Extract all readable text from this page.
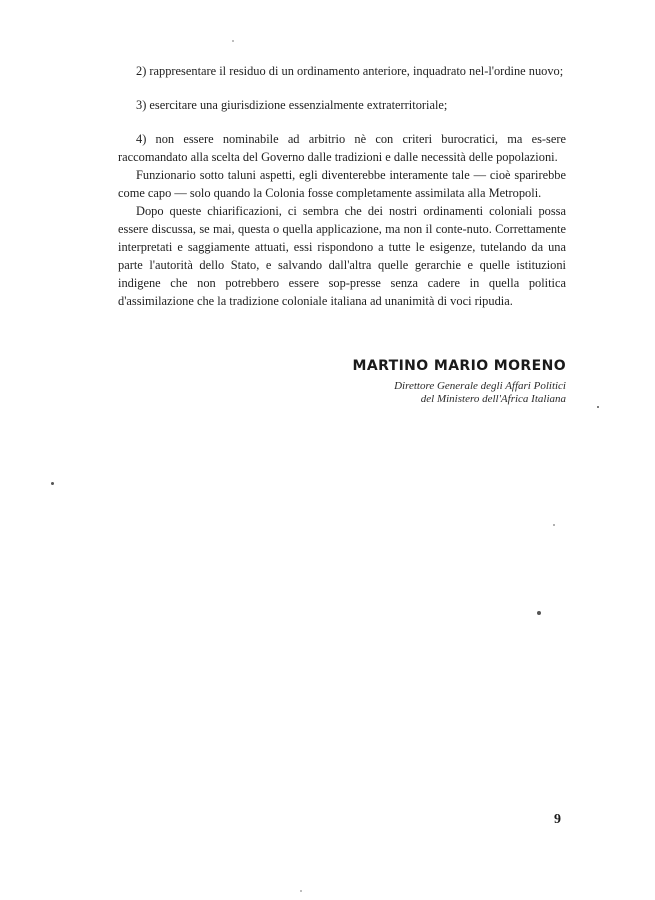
2) rappresentare il residuo di un ordinamento anteriore, inquadrato nel-l'ordine nuovo;

3) esercitare una giurisdizione essenzialmente extraterritoriale;

4) non essere nominabile ad arbitrio nè con criteri burocratici, ma es-sere raccomandato alla scelta del Governo dalle tradizioni e dalle necessità delle popolazioni.

Funzionario sotto taluni aspetti, egli diventerebbe interamente tale — cioè sparirebbe come capo — solo quando la Colonia fosse completamente assimilata alla Metropoli.

Dopo queste chiarificazioni, ci sembra che dei nostri ordinamenti coloniali possa essere discussa, se mai, questa o quella applicazione, ma non il conte-nuto. Correttamente interpretati e saggiamente attuati, essi rispondono a tutte le esigenze, tutelando da una parte l'autorità dello Stato, e salvando dall'altra quelle gerarchie e quelle istituzioni indigene che non potrebbero essere sop-presse senza cadere in quella politica d'assimilazione che la tradizione coloniale italiana ad unanimità di voci ripudia.

MARTINO MARIO MORENO

Direttore Generale degli Affari Politici

del Ministero dell'Africa Italiana

9
